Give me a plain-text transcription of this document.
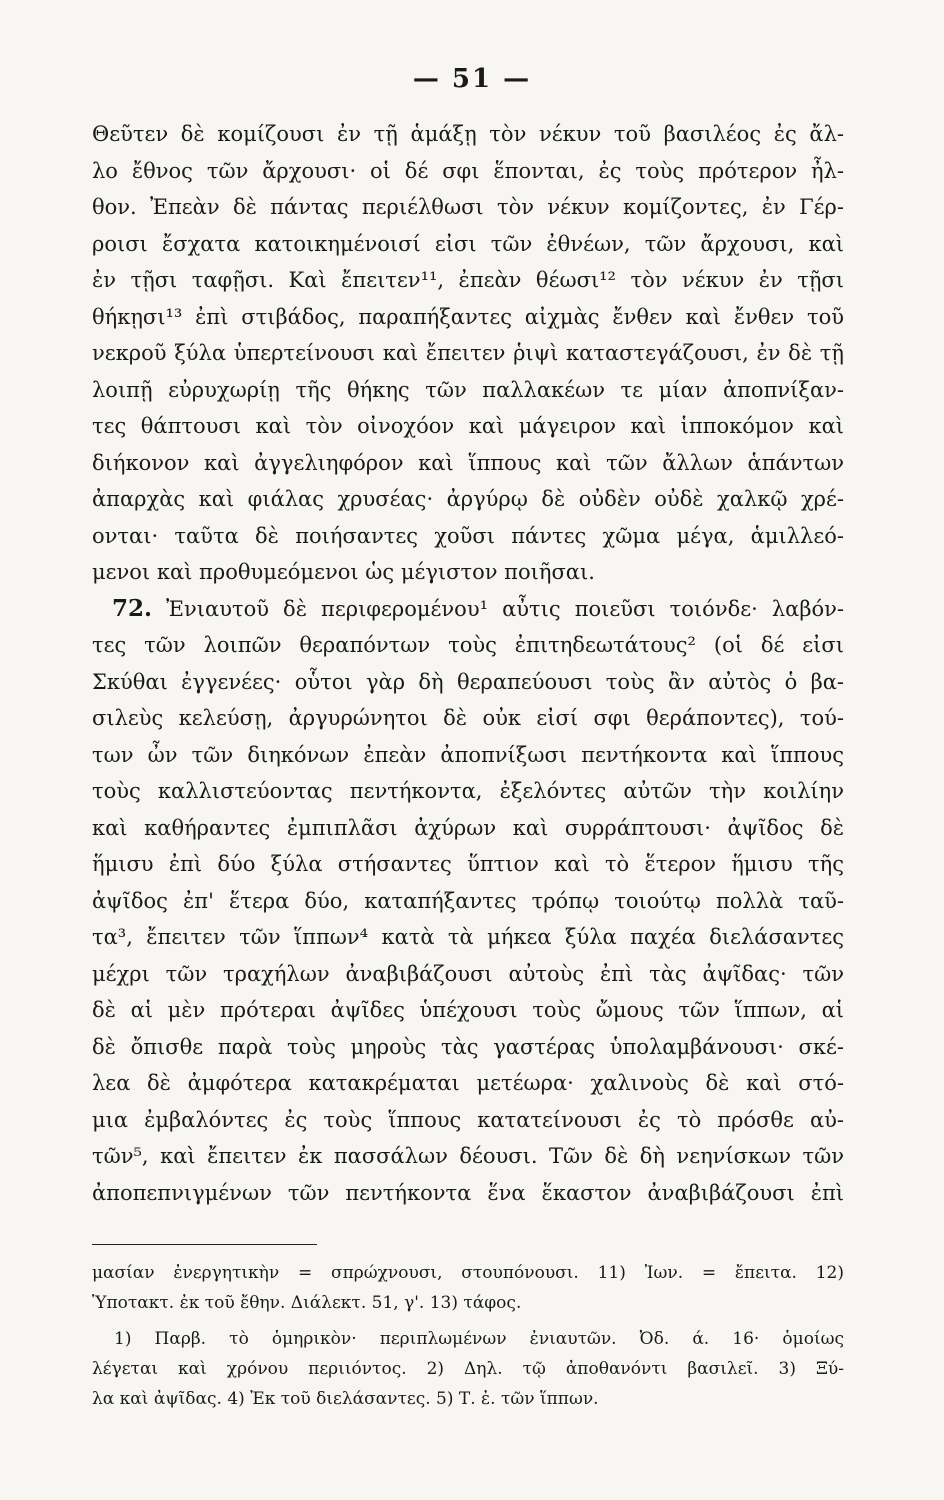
— 51 —
Θεῦτεν δὲ κομίζουσι ἐν τῇ ἁμάξῃ τὸν νέκυν τοῦ βασιλέος ἐς ἄλ-
λο ἔθνος τῶν ἄρχουσι· οἱ δέ σφι ἕπονται, ἐς τοὺς πρότερον ἦλ-
θον. Ἐπεὰν δὲ πάντας περιέλθωσι τὸν νέκυν κομίζοντες, ἐν Γέρ-
ροισι ἔσχατα κατοικημένοισί εἰσι τῶν ἐθνέων, τῶν ἄρχουσι, καὶ
ἐν τῇσι ταφῇσι. Καὶ ἔπειτεν¹¹, ἐπεὰν θέωσι¹² τὸν νέκυν ἐν τῇσι
θήκῃσι¹³ ἐπὶ στιβάδος, παραπήξαντες αἰχμὰς ἔνθεν καὶ ἔνθεν τοῦ
νεκροῦ ξύλα ὑπερτείνουσι καὶ ἔπειτεν ῥιψὶ καταστεγάζουσι, ἐν δὲ τῇ
λοιπῇ εὐρυχωρίῃ τῆς θήκης τῶν παλλακέων τε μίαν ἀποπνίξαν-
τες θάπτουσι καὶ τὸν οἰνοχόον καὶ μάγειρον καὶ ἱπποκόμον καὶ
διήκονον καὶ ἀγγελιηφόρον καὶ ἵππους καὶ τῶν ἄλλων ἁπάντων
ἀπαρχὰς καὶ φιάλας χρυσέας· ἀργύρῳ δὲ οὐδὲν οὐδὲ χαλκῷ χρέ-
ονται· ταῦτα δὲ ποιήσαντες χοῦσι πάντες χῶμα μέγα, ἁμιλλεό-
μενοι καὶ προθυμεόμενοι ὡς μέγιστον ποιῆσαι.
72. Ἐνιαυτοῦ δὲ περιφερομένου¹ αὖτις ποιεῦσι τοιόνδε· λαβόν-
τες τῶν λοιπῶν θεραπόντων τοὺς ἐπιτηδεωτάτους² (οἱ δέ εἰσι
Σκύθαι ἐγγενέες· οὗτοι γὰρ δὴ θεραπεύουσι τοὺς ἂν αὐτὸς ὁ βα-
σιλεὺς κελεύσῃ, ἀργυρώνητοι δὲ οὐκ εἰσί σφι θεράποντες), τού-
των ὦν τῶν διηκόνων ἐπεὰν ἀποπνίξωσι πεντήκοντα καὶ ἵππους
τοὺς καλλιστεύοντας πεντήκοντα, ἐξελόντες αὐτῶν τὴν κοιλίην
καὶ καθήραντες ἐμπιπλᾶσι ἀχύρων καὶ συρράπτουσι· ἀψῖδος δὲ
ἥμισυ ἐπὶ δύο ξύλα στήσαντες ὕπτιον καὶ τὸ ἕτερον ἥμισυ τῆς
ἀψῖδος ἐπ' ἕτερα δύο, καταπήξαντες τρόπῳ τοιούτῳ πολλὰ ταῦ-
τα³, ἔπειτεν τῶν ἵππων⁴ κατὰ τὰ μήκεα ξύλα παχέα διελάσαντες
μέχρι τῶν τραχήλων ἀναβιβάζουσι αὐτοὺς ἐπὶ τὰς ἀψῖδας· τῶν
δὲ αἱ μὲν πρότεραι ἀψῖδες ὑπέχουσι τοὺς ὤμους τῶν ἵππων, αἱ
δὲ ὄπισθε παρὰ τοὺς μηροὺς τὰς γαστέρας ὑπολαμβάνουσι· σκέ-
λεα δὲ ἀμφότερα κατακρέμαται μετέωρα· χαλινοὺς δὲ καὶ στό-
μια ἐμβαλόντες ἐς τοὺς ἵππους κατατείνουσι ἐς τὸ πρόσθε αὐ-
τῶν⁵, καὶ ἔπειτεν ἐκ πασσάλων δέουσι. Τῶν δὲ δὴ νεηνίσκων τῶν
ἀποπεπνιγμένων τῶν πεντήκοντα ἕνα ἕκαστον ἀναβιβάζουσι ἐπὶ
μασίαν ἐνεργητικὴν = σπρώχνουσι, στουπόνουσι. 11) Ἰων. = ἔπειτα. 12)
Ὑποτακτ. ἐκ τοῦ ἔθην. Διάλεκτ. 51, γ'. 13) τάφος.
1) Παρβ. τὸ ὁμηρικὸν· περιπλωμένων ἐνιαυτῶν. Ὀδ. ά. 16· ὁμοίως
λέγεται καὶ χρόνου περιιόντος. 2) Δηλ. τῷ ἀποθανόντι βασιλεῖ. 3) Ξύ-
λα καὶ ἀψῖδας. 4) Ἐκ τοῦ διελάσαντες. 5) Τ. ἐ. τῶν ἵππων.
